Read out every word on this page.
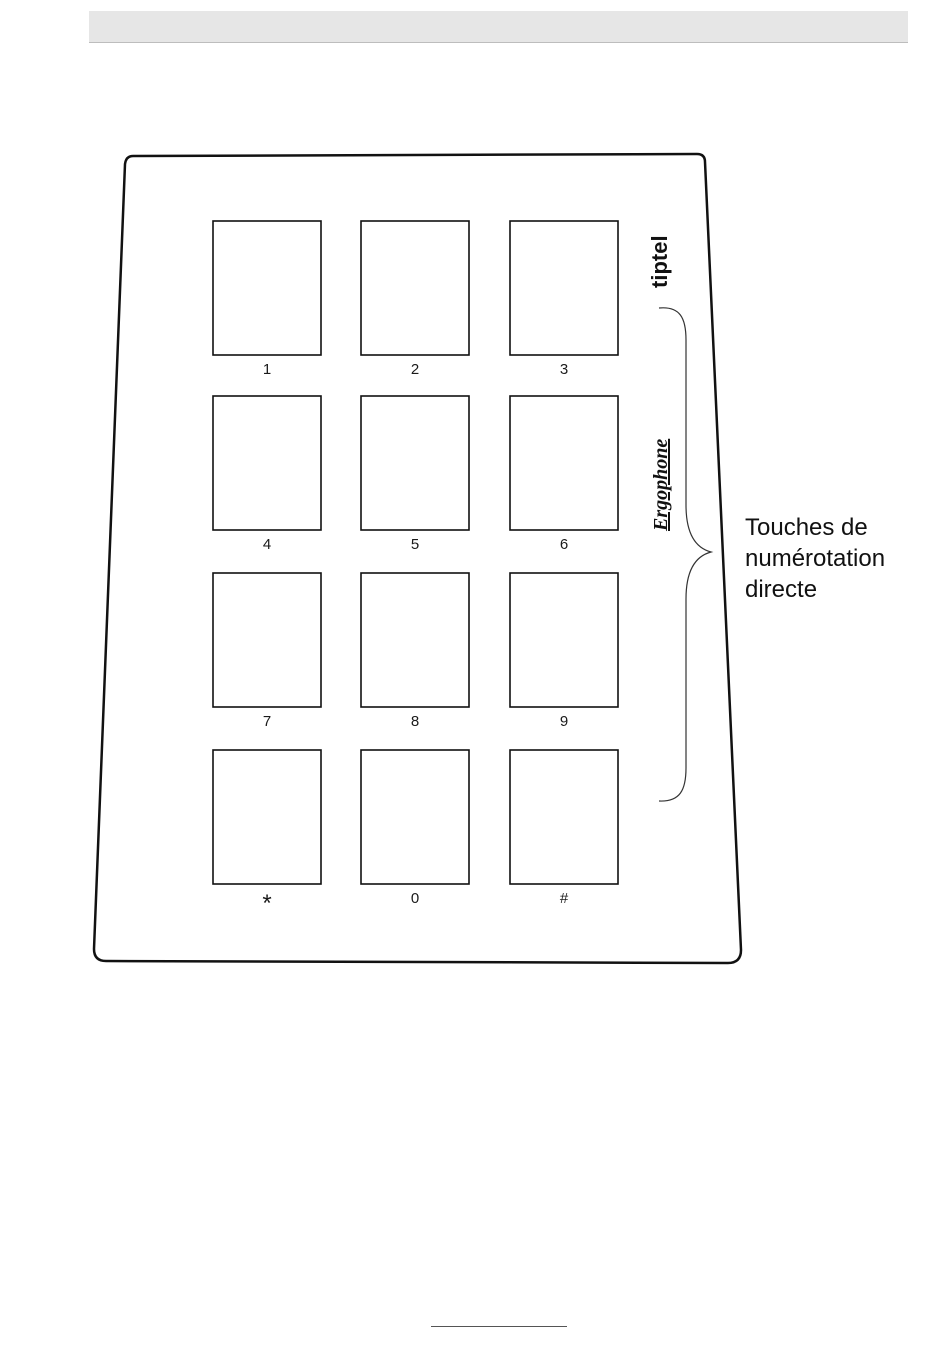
1	2	3
4	5	6
7	8	9
*	0	#
tiptel
Ergophone	Touches de
numérotation
directe
